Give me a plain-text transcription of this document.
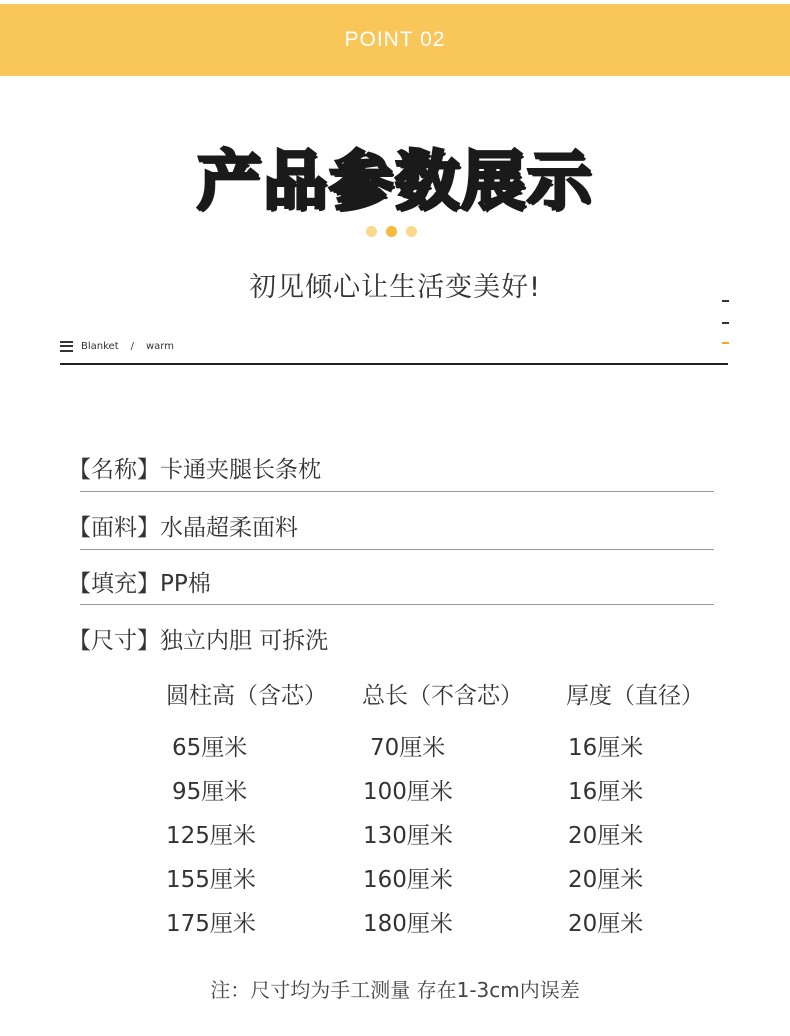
POINT 02
产品参数展示
初见倾心让生活变美好!
Blanket / warm
【名称】卡通夹腿长条枕
【面料】水晶超柔面料
【填充】PP棉
【尺寸】独立内胆 可拆洗
圆柱高（含芯） 总长（不含芯） 厚度（直径）
65厘米	70厘米	16厘米
95厘米	100厘米	16厘米
125厘米	130厘米	20厘米
155厘米	160厘米	20厘米
175厘米	180厘米	20厘米
注：尺寸均为手工测量 存在1-3cm内误差
